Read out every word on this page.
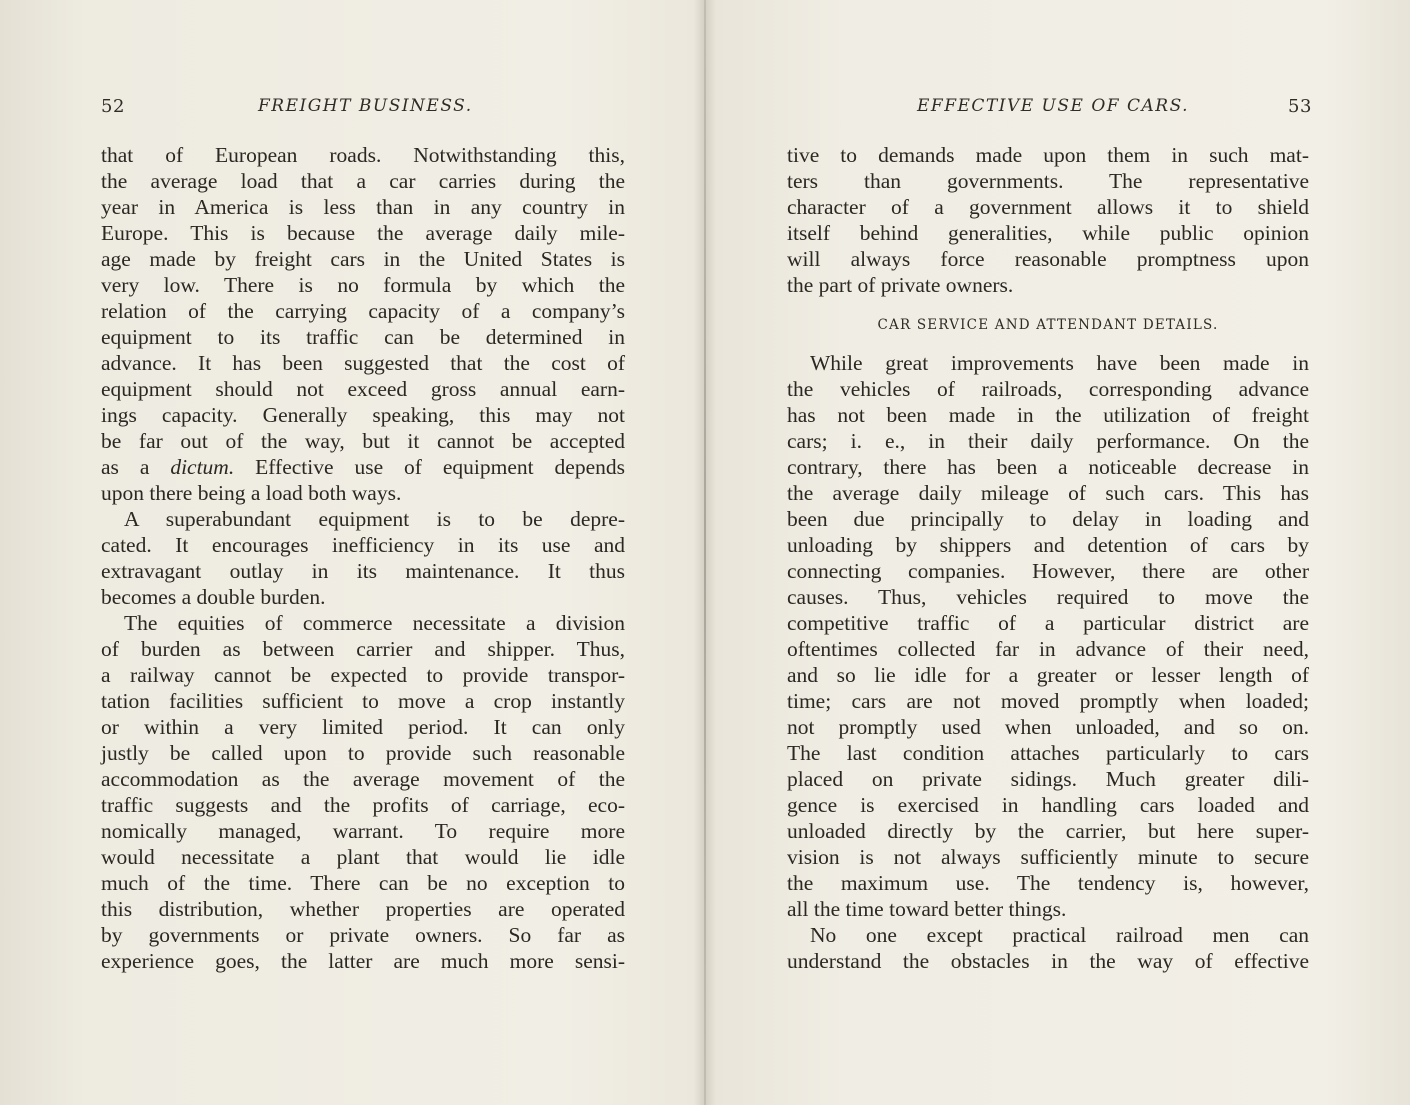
52	FREIGHT BUSINESS.
that of European roads. Notwithstanding this,
the average load that a car carries during the
year in America is less than in any country in
Europe. This is because the average daily mile-
age made by freight cars in the United States is
very low. There is no formula by which the
relation of the carrying capacity of a company’s
equipment to its traffic can be determined in
advance. It has been suggested that the cost of
equipment should not exceed gross annual earn-
ings capacity. Generally speaking, this may not
be far out of the way, but it cannot be accepted
as a dictum. Effective use of equipment depends
upon there being a load both ways.
A superabundant equipment is to be depre-
cated. It encourages inefficiency in its use and
extravagant outlay in its maintenance. It thus
becomes a double burden.
The equities of commerce necessitate a division
of burden as between carrier and shipper. Thus,
a railway cannot be expected to provide transpor-
tation facilities sufficient to move a crop instantly
or within a very limited period. It can only
justly be called upon to provide such reasonable
accommodation as the average movement of the
traffic suggests and the profits of carriage, eco-
nomically managed, warrant. To require more
would necessitate a plant that would lie idle
much of the time. There can be no exception to
this distribution, whether properties are operated
by governments or private owners. So far as
experience goes, the latter are much more sensi-
EFFECTIVE USE OF CARS.	53
tive to demands made upon them in such mat-
ters than governments. The representative
character of a government allows it to shield
itself behind generalities, while public opinion
will always force reasonable promptness upon
the part of private owners.
CAR SERVICE AND ATTENDANT DETAILS.
While great improvements have been made in
the vehicles of railroads, corresponding advance
has not been made in the utilization of freight
cars; i. e., in their daily performance. On the
contrary, there has been a noticeable decrease in
the average daily mileage of such cars. This has
been due principally to delay in loading and
unloading by shippers and detention of cars by
connecting companies. However, there are other
causes. Thus, vehicles required to move the
competitive traffic of a particular district are
oftentimes collected far in advance of their need,
and so lie idle for a greater or lesser length of
time; cars are not moved promptly when loaded;
not promptly used when unloaded, and so on.
The last condition attaches particularly to cars
placed on private sidings. Much greater dili-
gence is exercised in handling cars loaded and
unloaded directly by the carrier, but here super-
vision is not always sufficiently minute to secure
the maximum use. The tendency is, however,
all the time toward better things.
No one except practical railroad men can
understand the obstacles in the way of effective
